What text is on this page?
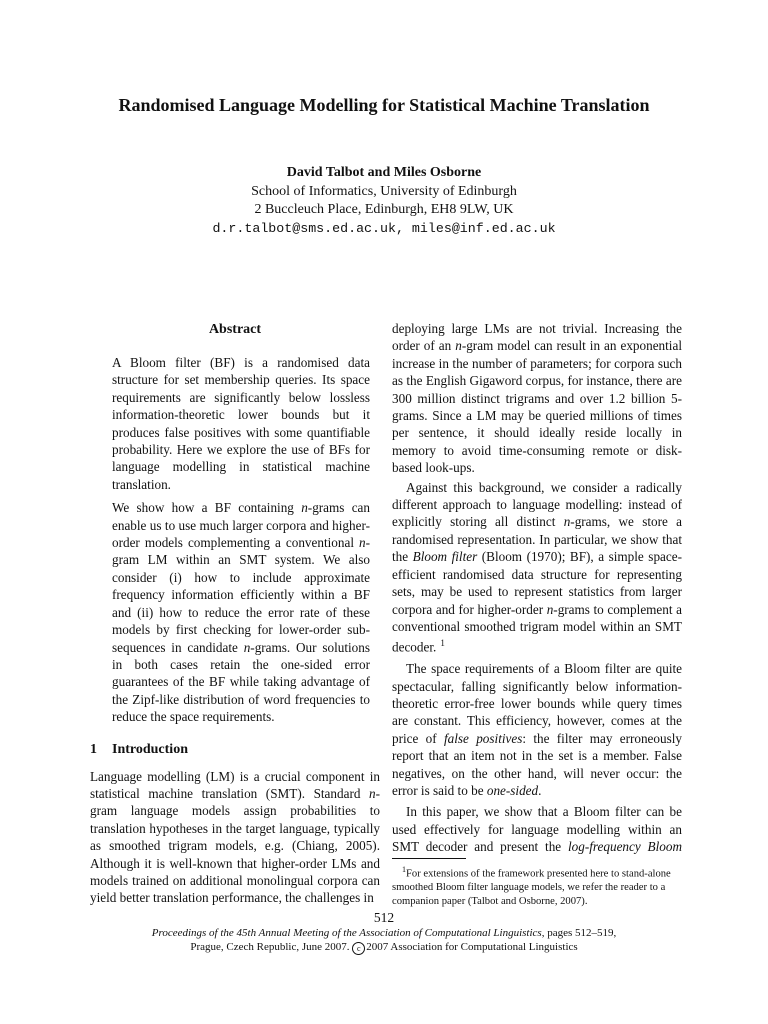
Randomised Language Modelling for Statistical Machine Translation
David Talbot and Miles Osborne
School of Informatics, University of Edinburgh
2 Buccleuch Place, Edinburgh, EH8 9LW, UK
d.r.talbot@sms.ed.ac.uk, miles@inf.ed.ac.uk
Abstract

A Bloom filter (BF) is a randomised data structure for set membership queries. Its space requirements are significantly below lossless information-theoretic lower bounds but it produces false positives with some quantifiable probability. Here we explore the use of BFs for language modelling in statistical machine translation.

We show how a BF containing n-grams can enable us to use much larger corpora and higher-order models complementing a conventional n-gram LM within an SMT system. We also consider (i) how to include approximate frequency information efficiently within a BF and (ii) how to reduce the error rate of these models by first checking for lower-order sub-sequences in candidate n-grams. Our solutions in both cases retain the one-sided error guarantees of the BF while taking advantage of the Zipf-like distribution of word frequencies to reduce the space requirements.

1 Introduction

Language modelling (LM) is a crucial component in statistical machine translation (SMT). Standard n-gram language models assign probabilities to translation hypotheses in the target language, typically as smoothed trigram models, e.g. (Chiang, 2005). Although it is well-known that higher-order LMs and models trained on additional monolingual corpora can yield better translation performance, the challenges in

512
Proceedings of the 45th Annual Meeting of the Association of Computational Linguistics, pages 512–519,
Prague, Czech Republic, June 2007. c 2007 Association for Computational Linguistics

deploying large LMs are not trivial. Increasing the order of an n-gram model can result in an exponential increase in the number of parameters; for corpora such as the English Gigaword corpus, for instance, there are 300 million distinct trigrams and over 1.2 billion 5-grams. Since a LM may be queried millions of times per sentence, it should ideally reside locally in memory to avoid time-consuming remote or disk-based look-ups.

Against this background, we consider a radically different approach to language modelling: instead of explicitly storing all distinct n-grams, we store a randomised representation. In particular, we show that the Bloom filter (Bloom (1970); BF), a simple space-efficient randomised data structure for representing sets, may be used to represent statistics from larger corpora and for higher-order n-grams to complement a conventional smoothed trigram model within an SMT decoder. $^1$

The space requirements of a Bloom filter are quite spectacular, falling significantly below information-theoretic error-free lower bounds while query times are constant. This efficiency, however, comes at the price of false positives: the filter may erroneously report that an item not in the set is a member. False negatives, on the other hand, will never occur: the error is said to be one-sided.

In this paper, we show that a Bloom filter can be used effectively for language modelling within an SMT decoder and present the log-frequency Bloom

$^1$For extensions of the framework presented here to stand-alone smoothed Bloom filter language models, we refer the reader to a companion paper (Talbot and Osborne, 2007).
